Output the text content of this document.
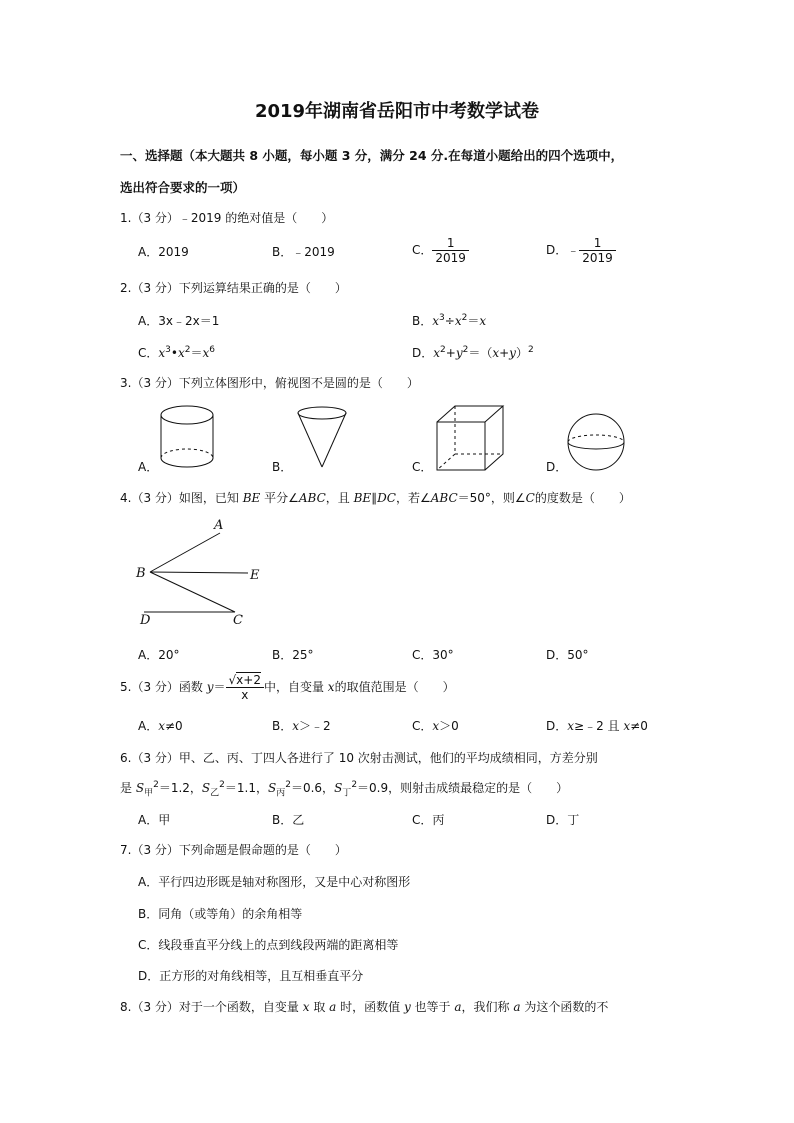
2019年湖南省岳阳市中考数学试卷
一、选择题（本大题共 8 小题，每小题 3 分，满分 24 分.在每道小题给出的四个选项中，
选出符合要求的一项）
1.（3 分）﹣2019 的绝对值是（　　）
A．2019	B．﹣2019	C． $\frac{1}{2019}$	D．﹣ $\frac{1}{2019}$
2.（3 分）下列运算结果正确的是（　　）
A．3x﹣2x＝1	B．$x^3\div x^2=x$
C．$x^3•x^2=x^6$	D．$x^2+y^2=(x+y)^2$
3.（3 分）下列立体图形中，俯视图不是圆的是（　　）
A．	B．	C．	D．
4.（3 分）如图，已知 BE 平分∠ABC，且 BE∥DC，若∠ABC＝50°，则∠C的度数是（　　）
A
B	E
D	C
A．20°	B．25°	C．30°	D．50°
5.（3 分）函数 $y= \frac{√x+2}{x}$ 中，自变量 x的取值范围是（　　）
A．x≠0	B．x＞﹣2	C．x＞0	D．x≥﹣2 且 x≠0
6.（3 分）甲、乙、丙、丁四人各进行了 10 次射击测试，他们的平均成绩相同，方差分别
是 $S_甲^2=1.2$，$S_乙^2=1.1$，$S_丙^2=0.6$，$S_丁^2=0.9$，则射击成绩最稳定的是（　　）
A．甲	B．乙	C．丙	D．丁
7.（3 分）下列命题是假命题的是（　　）
A．平行四边形既是轴对称图形，又是中心对称图形
B．同角（或等角）的余角相等
C．线段垂直平分线上的点到线段两端的距离相等
D．正方形的对角线相等，且互相垂直平分
8.（3 分）对于一个函数，自变量 x 取 a 时，函数值 y 也等于 a，我们称 a 为这个函数的不
